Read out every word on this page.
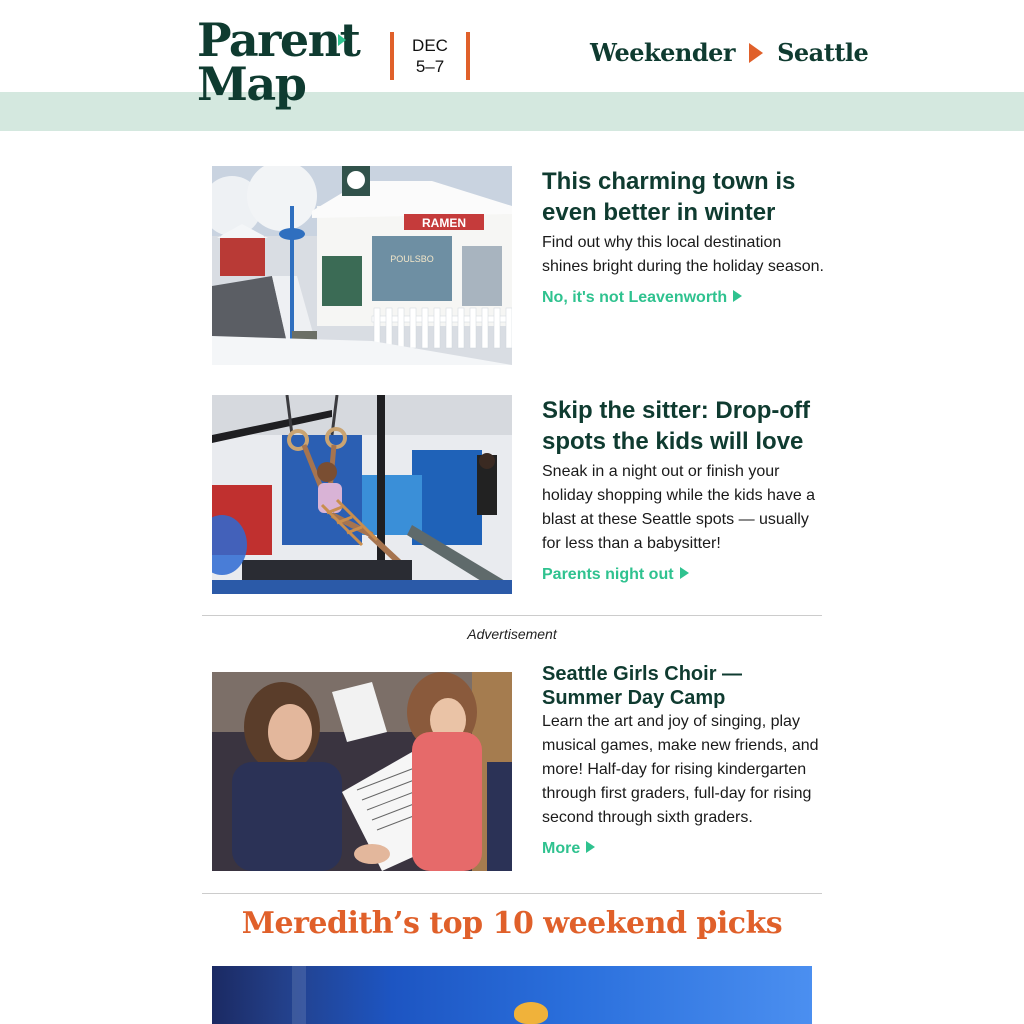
Parent
Map
DEC
5–7	Weekender Seattle
RAMEN
POULSBO
This charming town is even better in winter
Find out why this local destination shines bright during the holiday season.
No, it's not Leavenworth
Skip the sitter: Drop-off spots the kids will love
Sneak in a night out or finish your holiday shopping while the kids have a blast at these Seattle spots — usually for less than a babysitter!
Parents night out
Advertisement
Seattle Girls Choir — Summer Day Camp
Learn the art and joy of singing, play musical games, make new friends, and more! Half-day for rising kindergarten through first graders, full-day for rising second through sixth graders.
More
Meredith’s top 10 weekend picks
